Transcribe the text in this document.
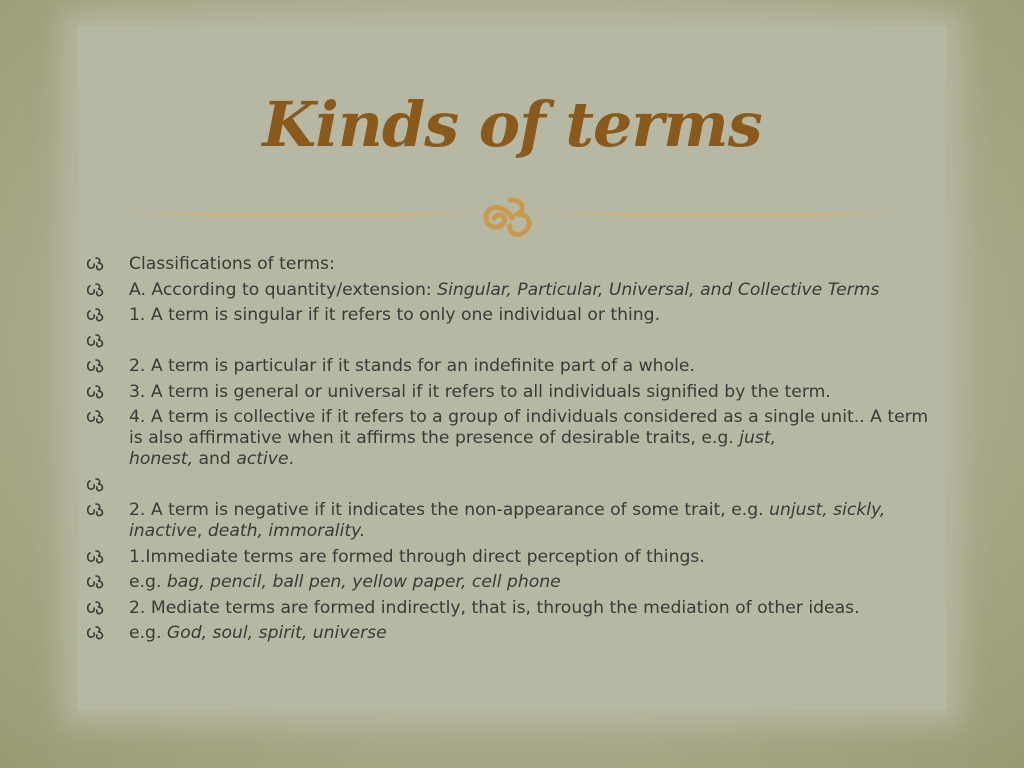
Kinds of terms
Classifications of terms:
A. According to quantity/extension: Singular, Particular, Universal, and Collective Terms
1. A term is singular if it refers to only one individual or thing.
2. A term is particular if it stands for an indefinite part of a whole.
3. A term is general or universal if it refers to all individuals signified by the term.
4. A term is collective if it refers to a group of individuals considered as a single unit.. A term is also affirmative when it affirms the presence of desirable traits, e.g. just,
honest, and active.
2. A term is negative if it indicates the non-appearance of some trait, e.g. unjust, sickly, inactive, death, immorality.
1.Immediate terms are formed through direct perception of things.
e.g. bag, pencil, ball pen, yellow paper, cell phone
2. Mediate terms are formed indirectly, that is, through the mediation of other ideas.
e.g. God, soul, spirit, universe
